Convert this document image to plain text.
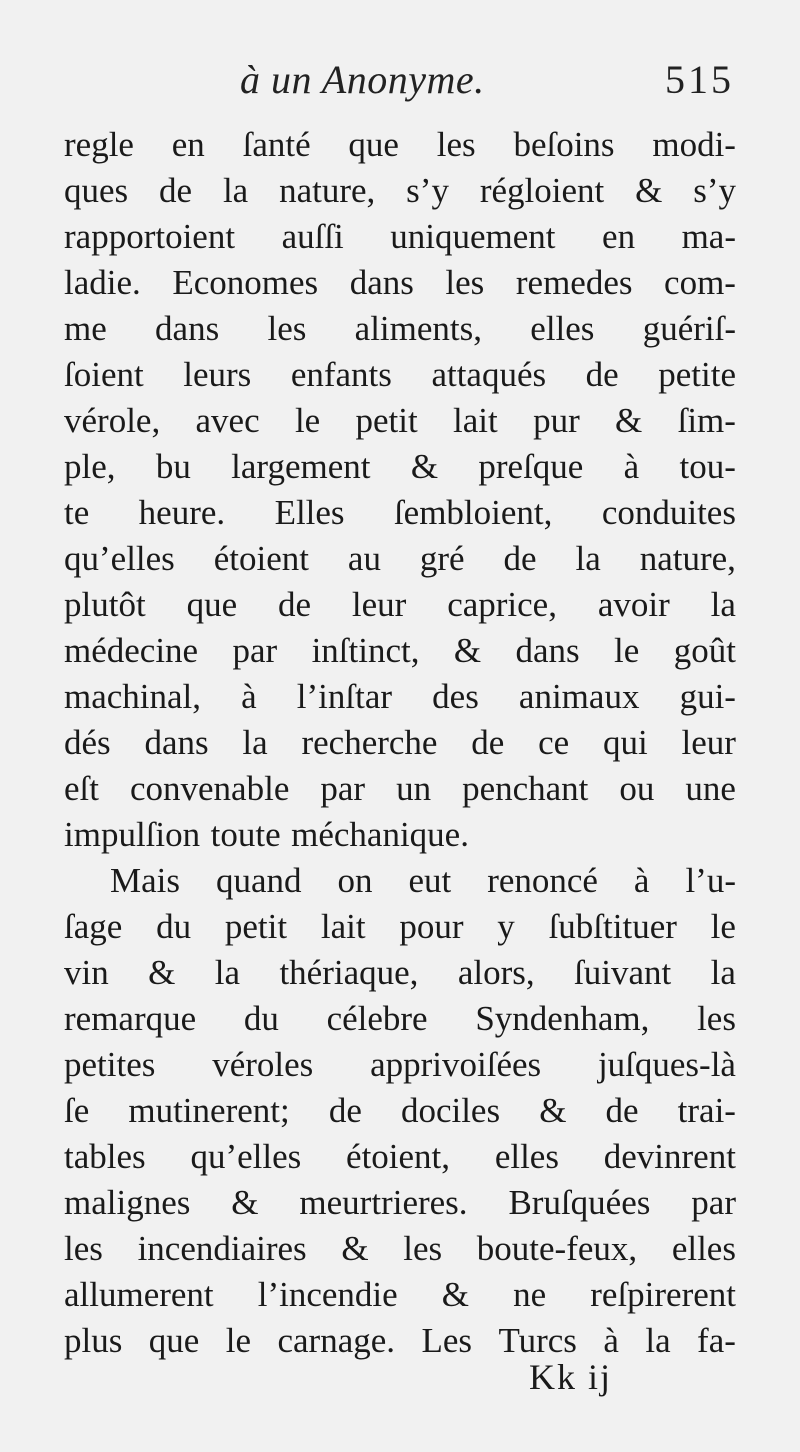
à un Anonyme.	515
regle en ſanté que les beſoins modi-
ques de la nature, s’y régloient & s’y
rapportoient auſſi uniquement en ma-
ladie. Economes dans les remedes com-
me dans les aliments, elles guériſ-
ſoient leurs enfants attaqués de petite
vérole, avec le petit lait pur & ſim-
ple, bu largement & preſque à tou-
te heure. Elles ſembloient, conduites
qu’elles étoient au gré de la nature,
plutôt que de leur caprice, avoir la
médecine par inſtinct, & dans le goût
machinal, à l’inſtar des animaux gui-
dés dans la recherche de ce qui leur
eſt convenable par un penchant ou une
impulſion toute méchanique.
Mais quand on eut renoncé à l’u-
ſage du petit lait pour y ſubſtituer le
vin & la thériaque, alors, ſuivant la
remarque du célebre Syndenham, les
petites véroles apprivoiſées juſques-là
ſe mutinerent; de dociles & de trai-
tables qu’elles étoient, elles devinrent
malignes & meurtrieres. Bruſquées par
les incendiaires & les boute-feux, elles
allumerent l’incendie & ne reſpirerent
plus que le carnage. Les Turcs à la fa-
Kk ij
